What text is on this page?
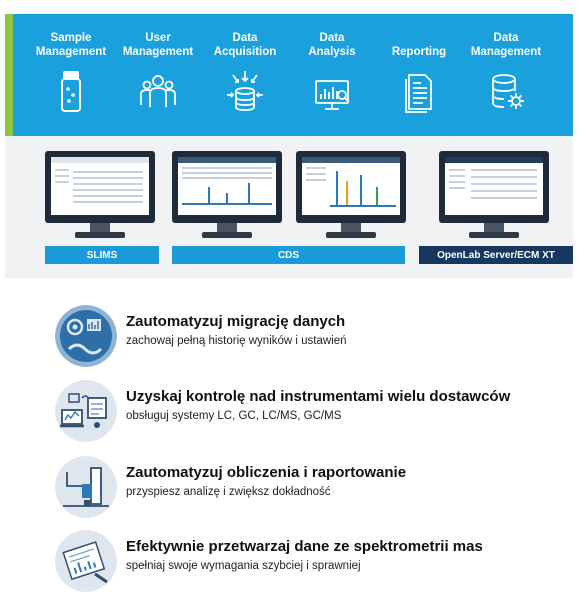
Sample
Management
User
Management
Data
Acquisition
Data
Analysis	Reporting
Data
Management
SLIMS	CDS	OpenLab Server/ECM XT
Zautomatyzuj migrację danych
zachowaj pełną historię wyników i ustawień
Uzyskaj kontrolę nad instrumentami wielu dostawców
obsługuj systemy LC, GC, LC/MS, GC/MS
Zautomatyzuj obliczenia i raportowanie
przyspiesz analizę i zwiększ dokładność
Efektywnie przetwarzaj dane ze spektrometrii mas
spełniaj swoje wymagania szybciej i sprawniej
